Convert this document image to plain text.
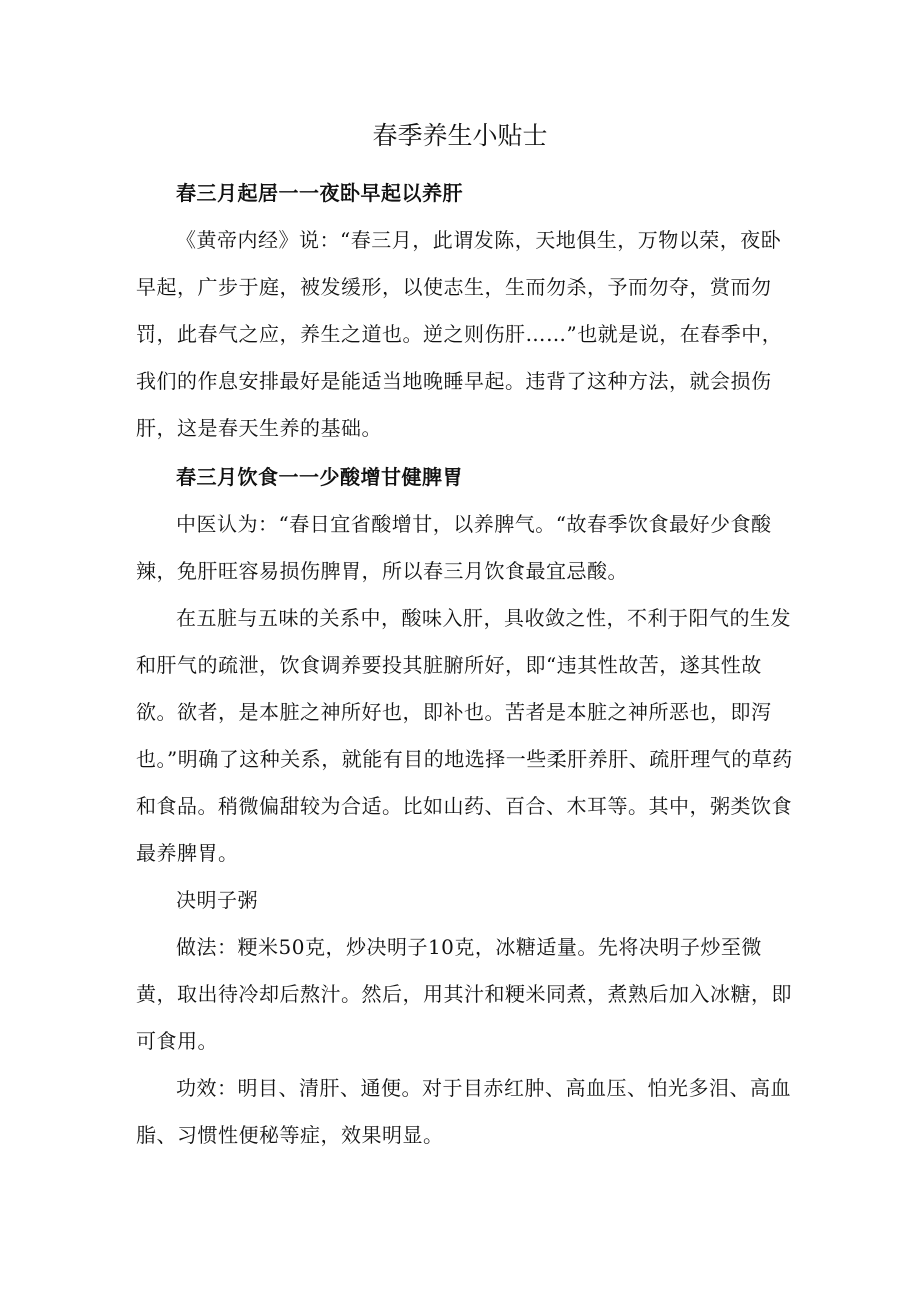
春季养生小贴士

春三月起居一一夜卧早起以养肝

《黄帝内经》说：“春三月，此谓发陈，天地俱生，万物以荣，夜卧早起，广步于庭，被发缓形，以使志生，生而勿杀，予而勿夺，赏而勿罚，此春气之应，养生之道也。逆之则伤肝……”也就是说，在春季中，我们的作息安排最好是能适当地晚睡早起。违背了这种方法，就会损伤肝，这是春天生养的基础。

春三月饮食一一少酸增甘健脾胃

中医认为：“春日宜省酸增甘，以养脾气。“故春季饮食最好少食酸辣，免肝旺容易损伤脾胃，所以春三月饮食最宜忌酸。

在五脏与五味的关系中，酸味入肝，具收敛之性，不利于阳气的生发和肝气的疏泄，饮食调养要投其脏腑所好，即“违其性故苦，遂其性故欲。欲者，是本脏之神所好也，即补也。苦者是本脏之神所恶也，即泻也。”明确了这种关系，就能有目的地选择一些柔肝养肝、疏肝理气的草药和食品。稍微偏甜较为合适。比如山药、百合、木耳等。其中，粥类饮食最养脾胃。

决明子粥

做法：粳米50克，炒决明子10克，冰糖适量。先将决明子炒至微黄，取出待冷却后熬汁。然后，用其汁和粳米同煮，煮熟后加入冰糖，即可食用。

功效：明目、清肝、通便。对于目赤红肿、高血压、怕光多泪、高血脂、习惯性便秘等症，效果明显。
